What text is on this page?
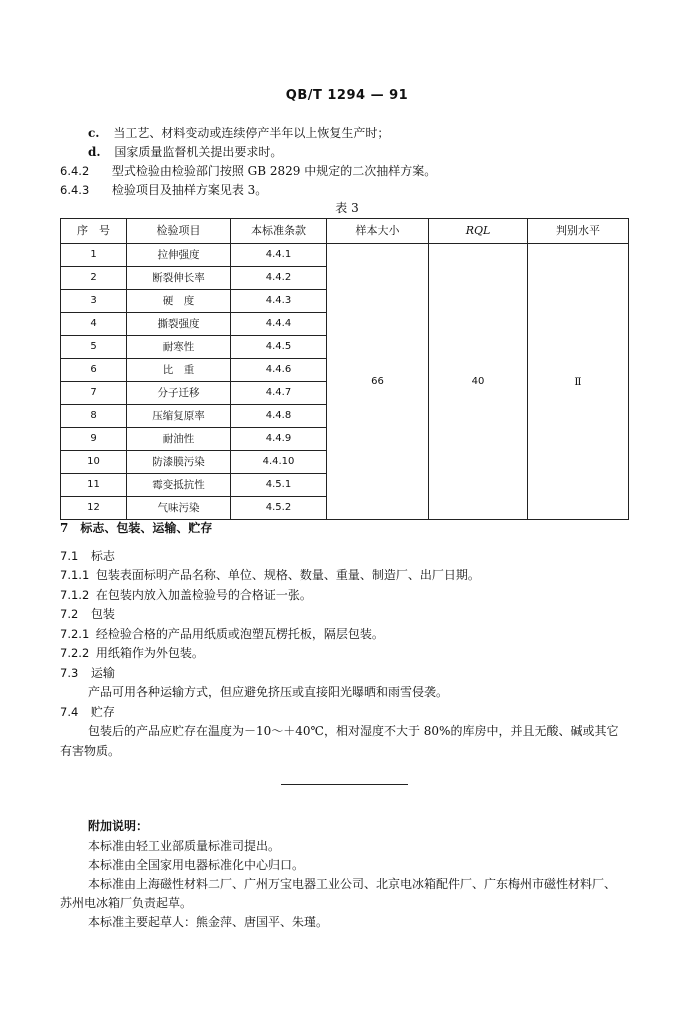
QB/T 1294 — 91
c. 当工艺、材料变动或连续停产半年以上恢复生产时；
d. 国家质量监督机关提出要求时。
6.4.2 型式检验由检验部门按照 GB 2829 中规定的二次抽样方案。
6.4.3 检验项目及抽样方案见表 3。
表 3
序　号	检验项目	本标准条款	样本大小	RQL	判别水平
1	拉伸强度	4.4.1	66	40	Ⅱ
2	断裂伸长率	4.4.2			
3	硬　度	4.4.3			
4	撕裂强度	4.4.4			
5	耐寒性	4.4.5			
6	比　重	4.4.6			
7	分子迁移	4.4.7			
8	压缩复原率	4.4.8			
9	耐油性	4.4.9			
10	防漆膜污染	4.4.10			
11	霉变抵抗性	4.5.1			
12	气味污染	4.5.2			
7　标志、包装、运输、贮存
7.1 标志
7.1.1 包装表面标明产品名称、单位、规格、数量、重量、制造厂、出厂日期。
7.1.2 在包装内放入加盖检验号的合格证一张。
7.2 包装
7.2.1 经检验合格的产品用纸质或泡塑瓦楞托板，隔层包装。
7.2.2 用纸箱作为外包装。
7.3 运输
产品可用各种运输方式，但应避免挤压或直接阳光曝晒和雨雪侵袭。
7.4 贮存
包装后的产品应贮存在温度为－10～＋40℃，相对湿度不大于 80%的库房中，并且无酸、碱或其它
有害物质。
附加说明：
本标准由轻工业部质量标准司提出。
本标准由全国家用电器标准化中心归口。
本标准由上海磁性材料二厂、广州万宝电器工业公司、北京电冰箱配件厂、广东梅州市磁性材料厂、
苏州电冰箱厂负责起草。
本标准主要起草人：熊金萍、唐国平、朱瑾。
